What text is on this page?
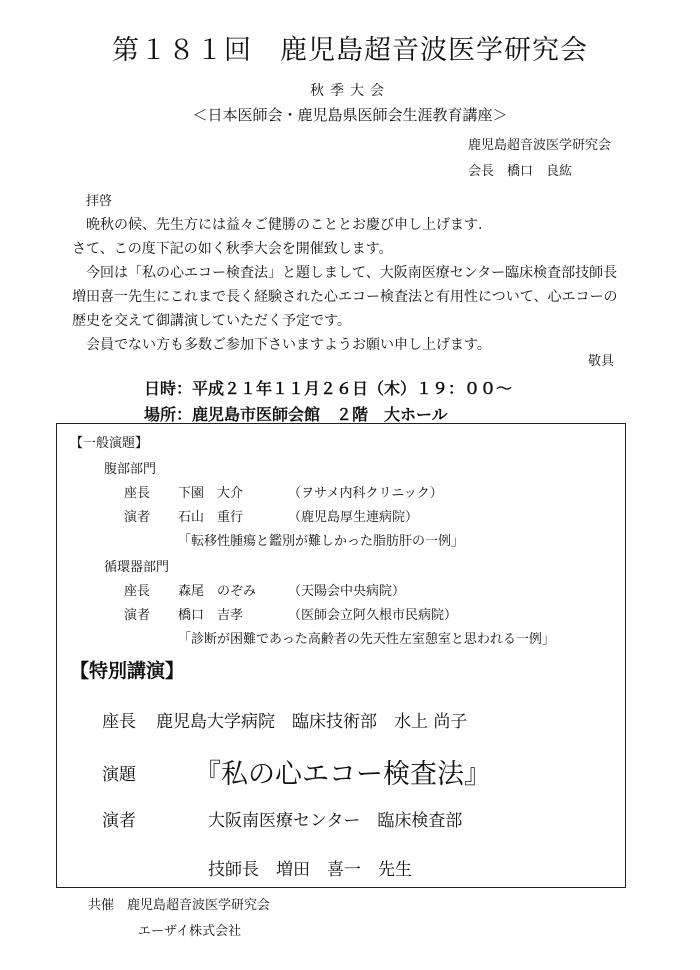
第１８１回　鹿児島超音波医学研究会
秋季大会
＜日本医師会・鹿児島県医師会生涯教育講座＞
鹿児島超音波医学研究会
会長　橋口　良紘
拝啓
晩秋の候、先生方には益々ご健勝のこととお慶び申し上げます.
さて、この度下記の如く秋季大会を開催致します。
今回は「私の心エコー検査法」と題しまして、大阪南医療センター臨床検査部技師長
増田喜一先生にこれまで長く経験された心エコー検査法と有用性について、心エコーの
歴史を交えて御講演していただく予定です。
会員でない方も多数ご参加下さいますようお願い申し上げます。
敬具
日時：平成２１年１１月２６日（木）１９：００～
場所：鹿児島市医師会館　２階　大ホール
【一般演題】
腹部部門
座長 下園　大介	（ヲサメ内科クリニック）
演者 石山　重行	（鹿児島厚生連病院）
「転移性腫瘍と鑑別が難しかった脂肪肝の一例」
循環器部門
座長 森尾　のぞみ （天陽会中央病院）
演者 橋口　吉孝	（医師会立阿久根市民病院）
「診断が困難であった高齢者の先天性左室憩室と思われる一例」
【特別講演】
座長 鹿児島大学病院　臨床技術部　水上 尚子
演題 『私の心エコー検査法』
演者	大阪南医療センター　臨床検査部
技師長　増田　喜一　先生
共催　鹿児島超音波医学研究会
エーザイ株式会社
